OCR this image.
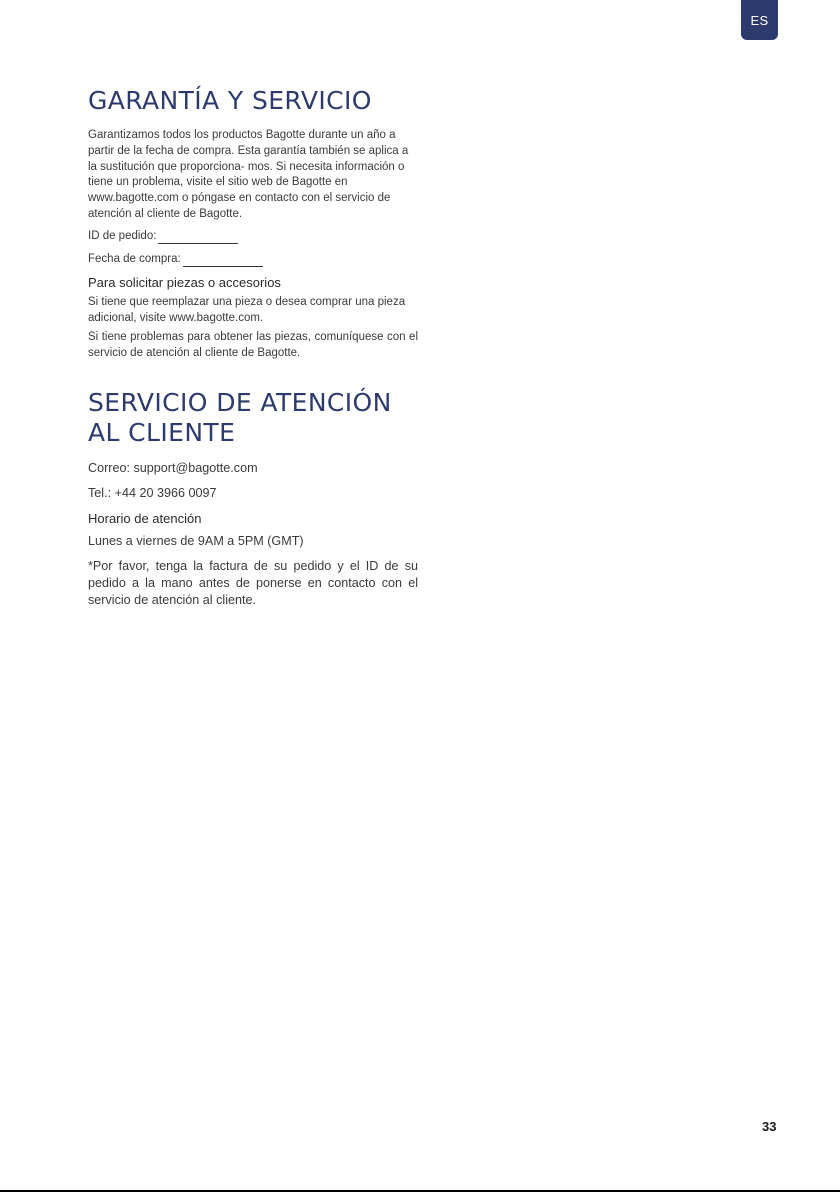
ES
GARANTÍA Y SERVICIO

Garantizamos todos los productos Bagotte durante un año a partir de la fecha de compra. Esta garantía también se aplica a la sustitución que proporciona- mos. Si necesita información o tiene un problema, visite el sitio web de Bagotte en www.bagotte.com o póngase en contacto con el servicio de atención al cliente de Bagotte.

ID de pedido:
Fecha de compra:
Para solicitar piezas o accesorios

Si tiene que reemplazar una pieza o desea comprar una pieza adicional, visite www.bagotte.com.

Si tiene problemas para obtener las piezas, comuníquese con el servicio de atención al cliente de Bagotte.

SERVICIO DE ATENCIÓN
AL CLIENTE
Correo: support@bagotte.com
Tel.: +44 20 3966 0097
Horario de atención
Lunes a viernes de 9AM a 5PM (GMT)

*Por favor, tenga la factura de su pedido y el ID de su pedido a la mano antes de ponerse en contacto con el servicio de atención al cliente.

33
